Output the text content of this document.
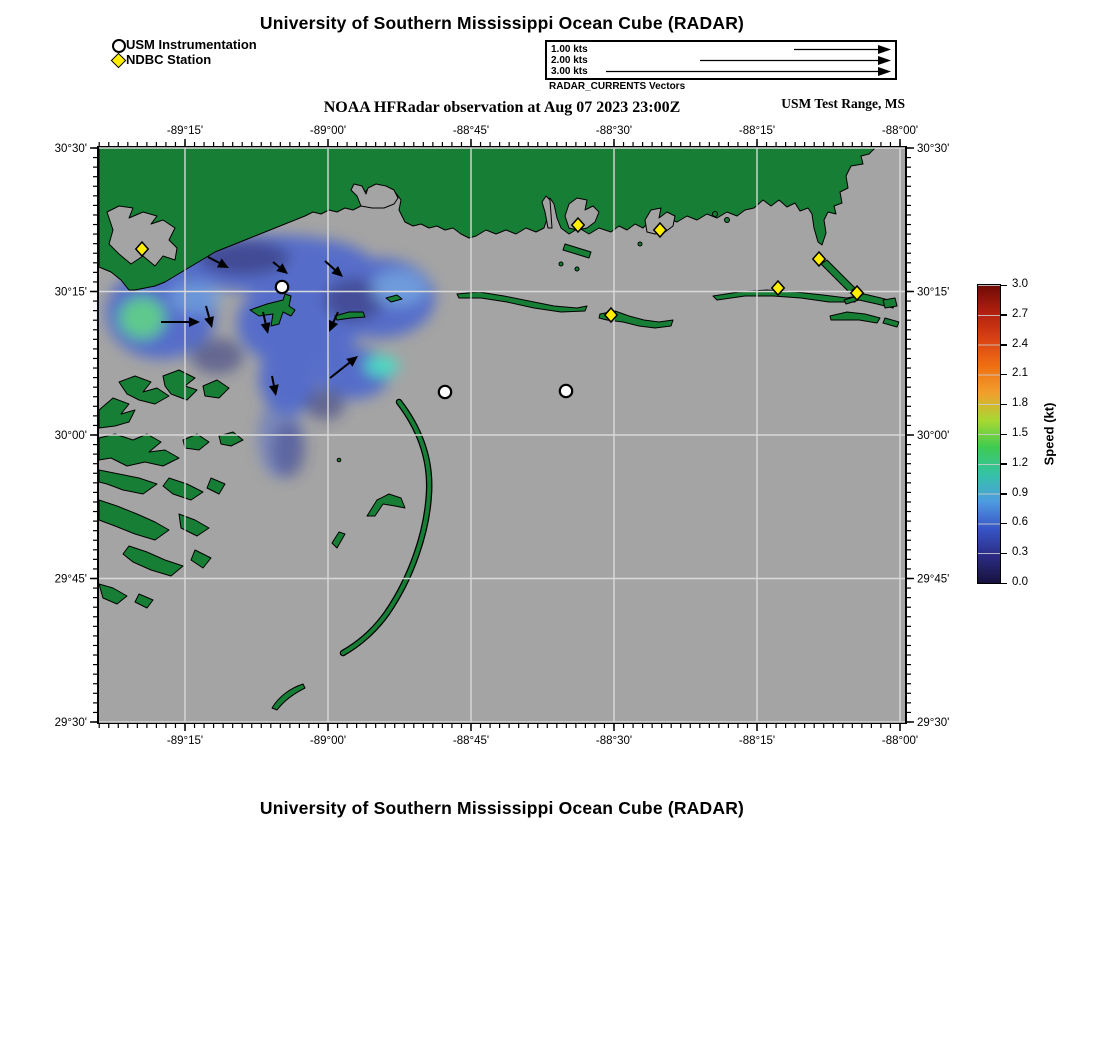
University of Southern Mississippi Ocean Cube (RADAR)
USM Instrumentation
NDBC Station
1.00 kts
2.00 kts
3.00 kts
RADAR_CURRENTS Vectors
NOAA HFRadar observation at Aug 07 2023 23:00Z	USM Test Range, MS
-89°15'
-89°15'
-89°00'
-89°00'
-88°45'
-88°45'
-88°30'
-88°30'
-88°15'
-88°15'
-88°00'
-88°00'
30°30'	30°30'
30°15'	30°15'
30°00'	30°00'
29°45'	29°45'
29°30'	29°30'
Speed (kt)
3.0
2.7
2.4
2.1
1.8
1.5
1.2
0.9
0.6
0.3
0.0
University of Southern Mississippi Ocean Cube (RADAR)
